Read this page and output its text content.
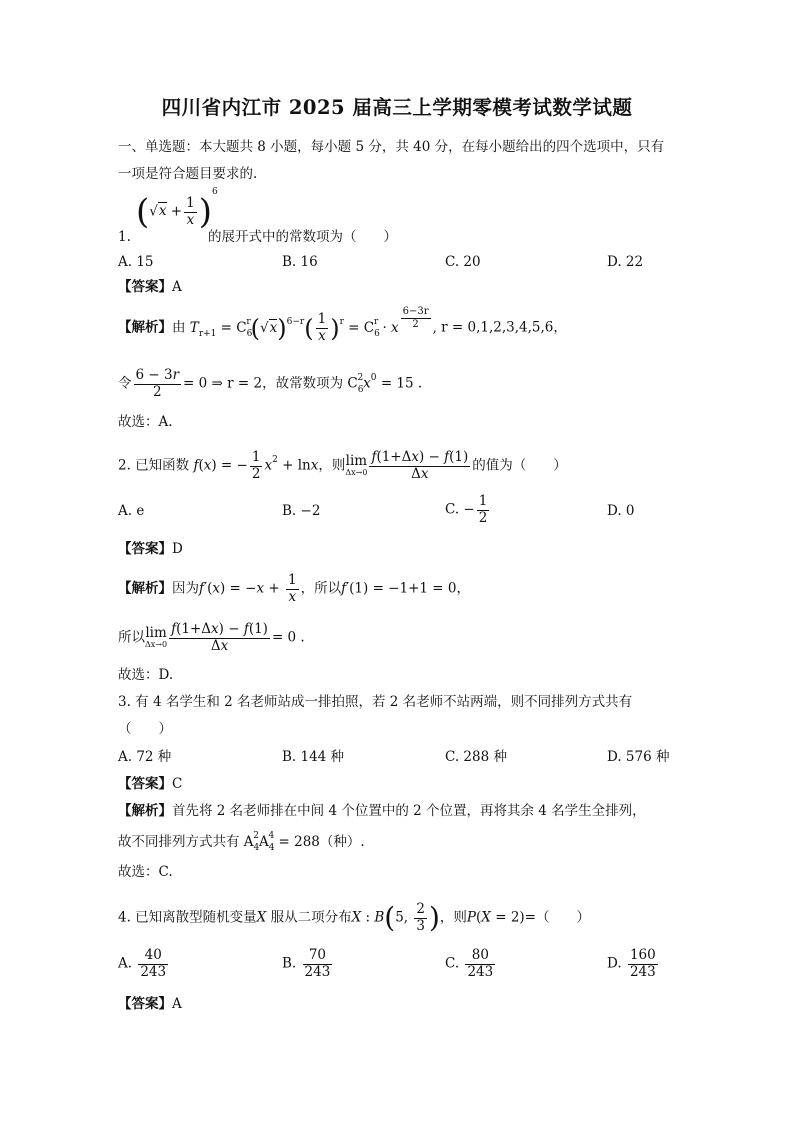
四川省内江市 2025 届高三上学期零模考试数学试题
一、单选题：本大题共 8 小题，每小题 5 分，共 40 分，在每小题给出的四个选项中，只有
一项是符合题目要求的.
1.
$(√x + \frac{1}{x} )^6$
的展开式中的常数项为（　　）
A. 15	B. 16	C. 20	D. 22
【答案】A
【解析】由 $T_{r+1} = C_6^r(√x)^{6-r}( \frac{1}{x} )^r = C_6^r \cdot x \frac{6-3r}{2}$ , r = 0,1,2,3,4,5,6，
令 $\frac{6 - 3r}{2} = 0$ ⇒ r = 2，故常数项为 $C_6^2x^0 = 15$ .
故选：A.
2. 已知函数 f(x) = − $\frac{1}{2} x^2 + \ln x$，则 lim
$\Delta x\to 0 \frac{f(1+\Delta x) - f(1)}{\Delta x}$ 的值为（　　）
A. e	B. −2	C. − $\frac{1}{2}$	D. 0
【答案】D
【解析】因为$f'(x) = -x + \frac{1}{x}$ ，所以f′(1) = −1+1 = 0，
所以 lim
$\Delta x\to 0 \frac{f(1+\Delta x) - f(1)}{\Delta x} = 0$ .
故选：D.
3. 有 4 名学生和 2 名老师站成一排拍照，若 2 名老师不站两端，则不同排列方式共有
（　　）
A. 72 种	B. 144 种	C. 288 种	D. 576 种
【答案】C
【解析】首先将 2 名老师排在中间 4 个位置中的 2 个位置，再将其余 4 名学生全排列，
故不同排列方式共有 $A_4^2A_4^4 = 288$（种）.
故选：C.
4. 已知离散型随机变量X 服从二项分布X : B(5, $\frac{2}{3}$ )，则P(X = 2)=（　　）
A. $\frac{40}{243}$	B. $\frac{70}{243}$	C. $\frac{80}{243}$	D. $\frac{160}{243}$
【答案】A
